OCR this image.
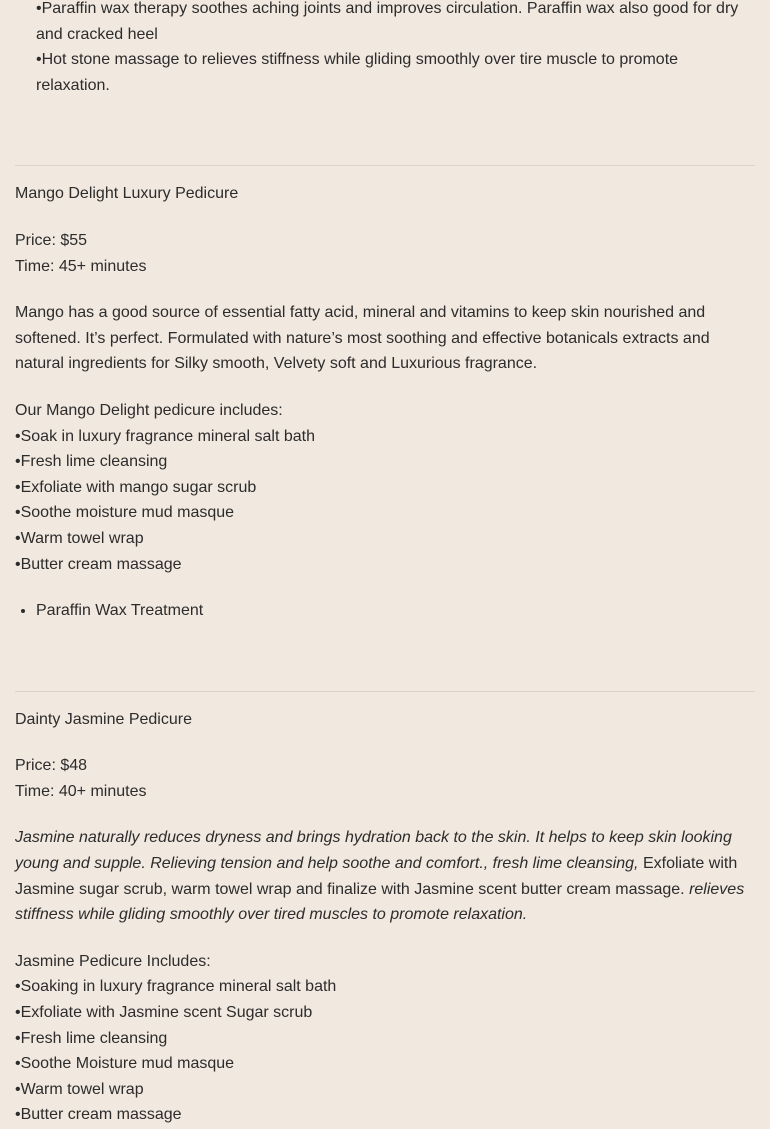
•Paraffin wax therapy soothes aching joints and improves circulation. Paraffin wax also good for dry and cracked heel

•Hot stone massage to relieves stiffness while gliding smoothly over tire muscle to promote relaxation.

Mango Delight Luxury Pedicure

Price: $55

Time: 45+ minutes

Mango has a good source of essential fatty acid, mineral and vitamins to keep skin nourished and softened. It’s perfect. Formulated with nature’s most soothing and effective botanicals extracts and natural ingredients for Silky smooth, Velvety soft and Luxurious fragrance.

Our Mango Delight pedicure includes:

•Soak in luxury fragrance mineral salt bath

•Fresh lime cleansing

•Exfoliate with mango sugar scrub

•Soothe moisture mud masque

•Warm towel wrap

•Butter cream massage

• Paraffin Wax Treatment

Dainty Jasmine Pedicure

Price: $48

Time: 40+ minutes

Jasmine naturally reduces dryness and brings hydration back to the skin. It helps to keep skin looking young and supple. Relieving tension and help soothe and comfort., fresh lime cleansing, Exfoliate with Jasmine sugar scrub, warm towel wrap and finalize with Jasmine scent butter cream massage. relieves stiffness while gliding smoothly over tired muscles to promote relaxation.

Jasmine Pedicure Includes:

•Soaking in luxury fragrance mineral salt bath

•Exfoliate with Jasmine scent Sugar scrub

•Fresh lime cleansing

•Soothe Moisture mud masque

•Warm towel wrap

•Butter cream massage
